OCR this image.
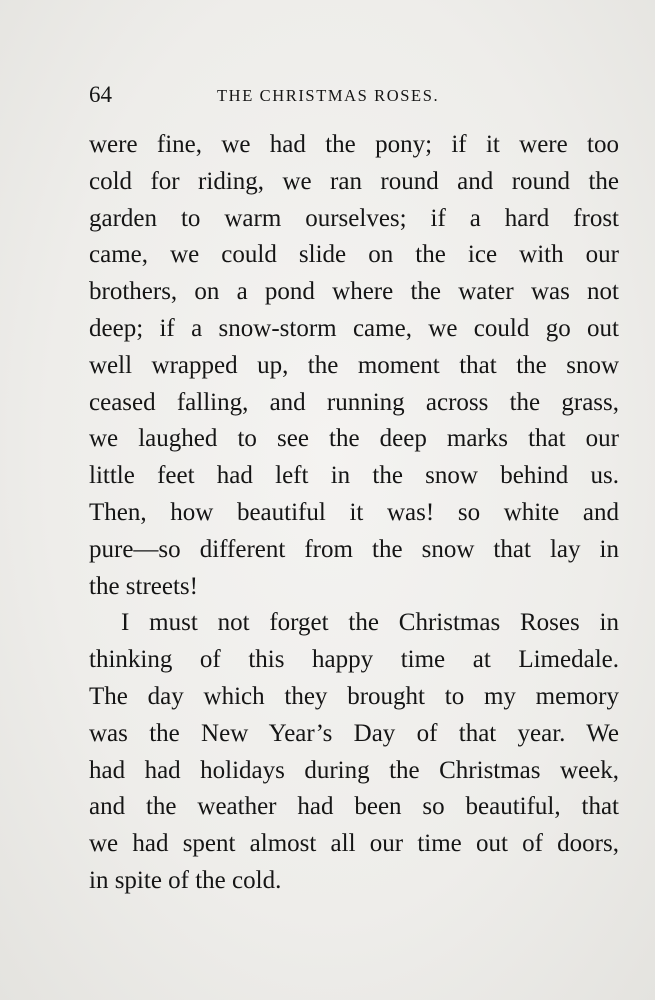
64	THE CHRISTMAS ROSES.
were fine, we had the pony; if it were too
cold for riding, we ran round and round the
garden to warm ourselves; if a hard frost
came, we could slide on the ice with our
brothers, on a pond where the water was not
deep; if a snow-storm came, we could go out
well wrapped up, the moment that the snow
ceased falling, and running across the grass,
we laughed to see the deep marks that our
little feet had left in the snow behind us.
Then, how beautiful it was! so white and
pure—so different from the snow that lay in
the streets!
I must not forget the Christmas Roses in
thinking of this happy time at Limedale.
The day which they brought to my memory
was the New Year’s Day of that year. We
had had holidays during the Christmas week,
and the weather had been so beautiful, that
we had spent almost all our time out of doors,
in spite of the cold.
